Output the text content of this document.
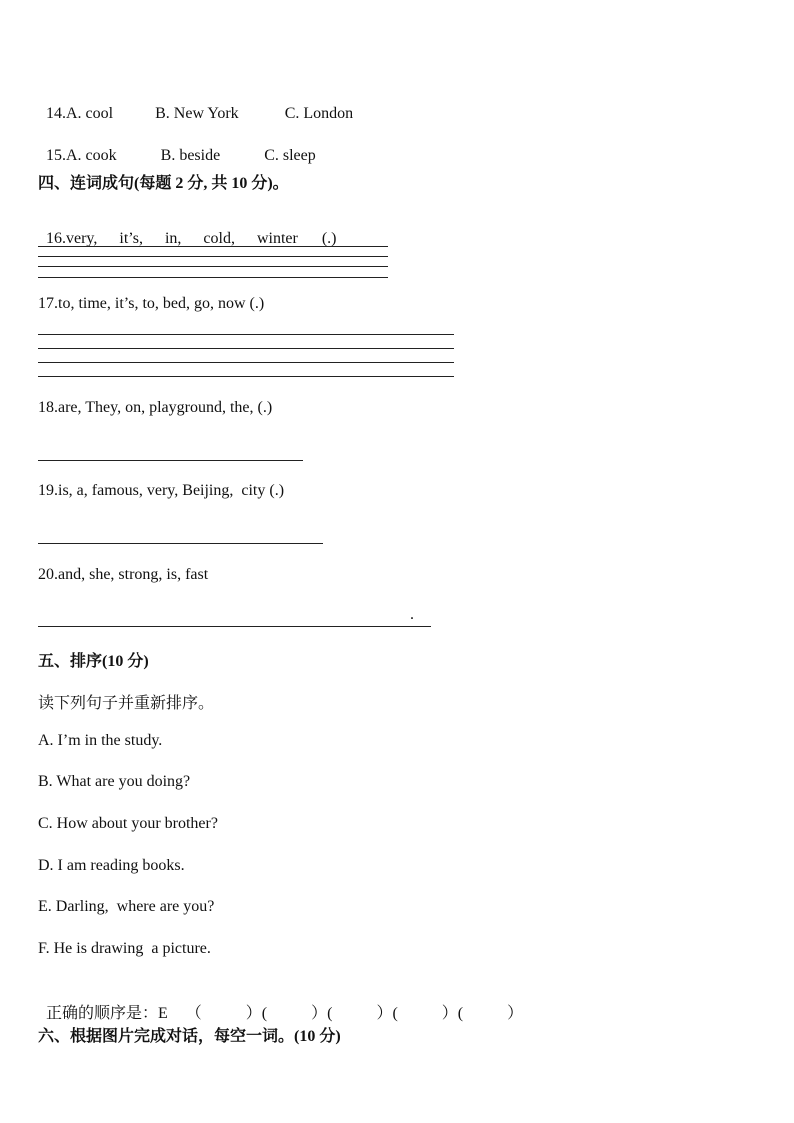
14.A. cool	B. New York	C. London

15.A. cook	B. beside	C. sleep

四、连词成句(每题 2 分, 共 10 分)。

16.very, it’s, in, cold, winter (.)

17.to, time, it’s, to, bed, go, now (.)
18.are, They, on, playground, the, (.)
19.is, a, famous, very, Beijing,  city (.)
20.and, she, strong, is, fast
.
五、排序(10 分)
读下列句子并重新排序。
A. I’m in the study.
B. What are you doing?
C. How about your brother?
D. I am reading books.
E. Darling,  where are you?
F. He is drawing  a picture.

正确的顺序是：E （           ）(           ）(           ）(           ）(           ）

六、根据图片完成对话，每空一词。(10 分)
